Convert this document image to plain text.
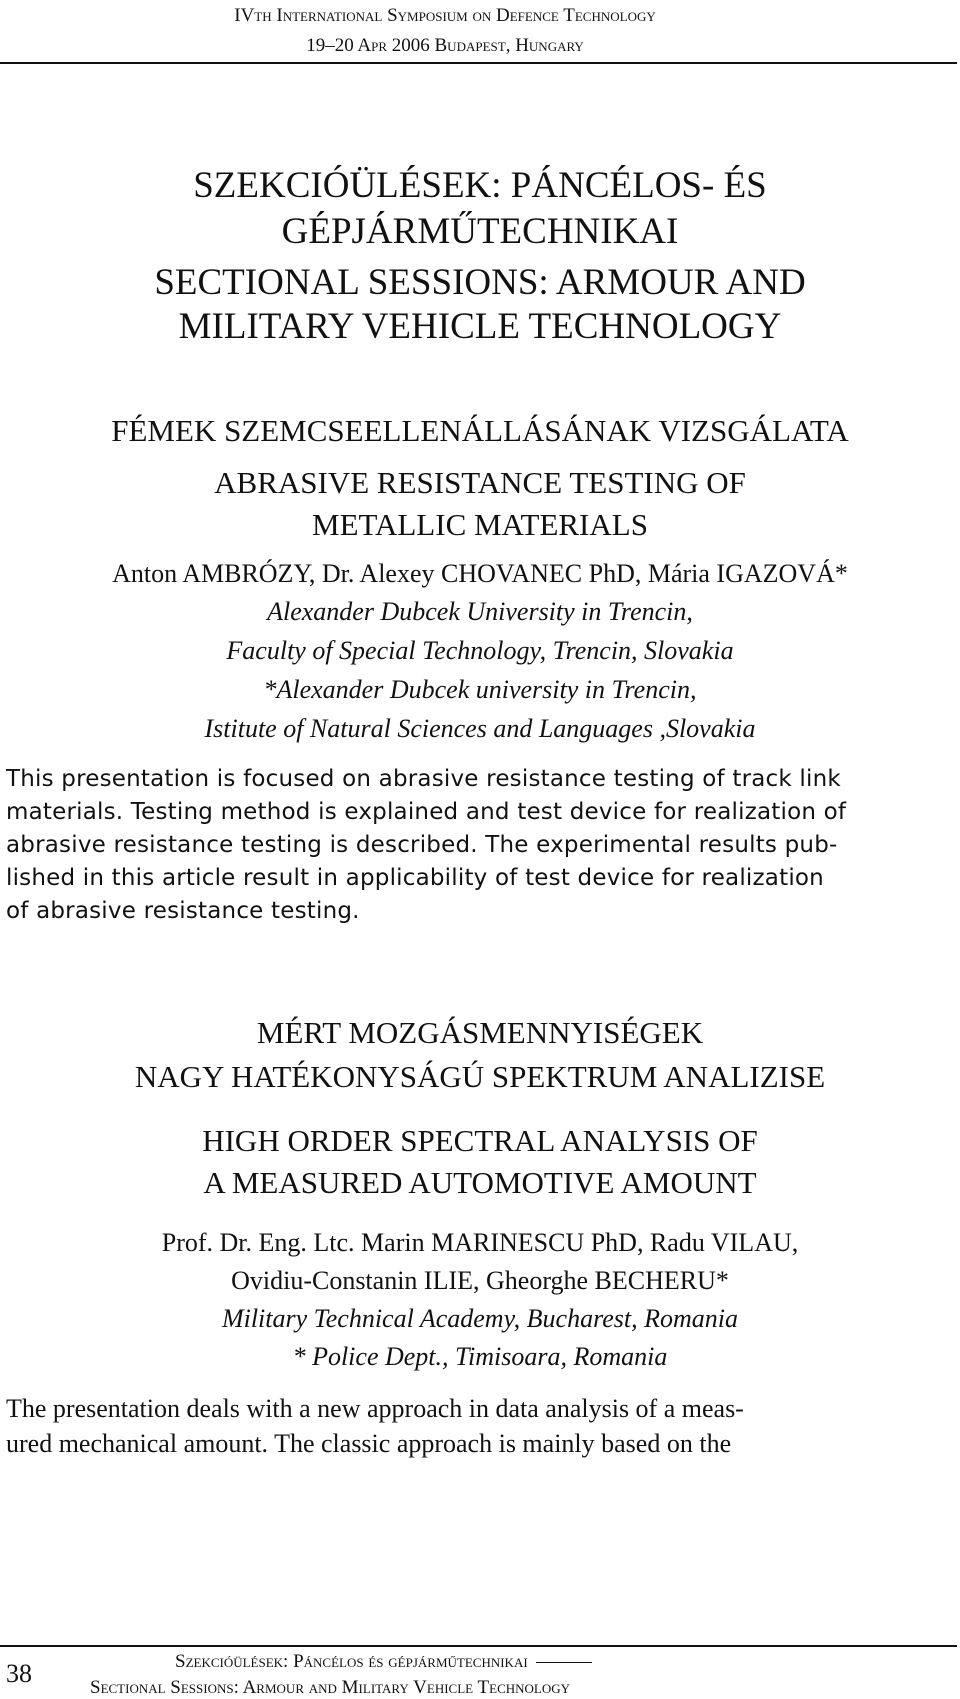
IVth International Symposium on Defence Technology
19–20 Apr 2006 Budapest, Hungary
SZEKCIÓÜLÉSEK: PÁNCÉLOS- ÉS
GÉPJÁRMŰTECHNIKAI
SECTIONAL SESSIONS: ARMOUR AND
MILITARY VEHICLE TECHNOLOGY
FÉMEK SZEMCSEELLENÁLLÁSÁNAK VIZSGÁLATA
ABRASIVE RESISTANCE TESTING OF
METALLIC MATERIALS
Anton AMBRÓZY, Dr. Alexey CHOVANEC PhD, Mária IGAZOVÁ*
Alexander Dubcek University in Trencin,
Faculty of Special Technology, Trencin, Slovakia
*Alexander Dubcek university in Trencin,
Istitute of Natural Sciences and Languages ,Slovakia
This presentation is focused on abrasive resistance testing of track link
materials. Testing method is explained and test device for realization of
abrasive resistance testing is described. The experimental results pub-
lished in this article result in applicability of test device for realization
of abrasive resistance testing.
MÉRT MOZGÁSMENNYISÉGEK
NAGY HATÉKONYSÁGÚ SPEKTRUM ANALIZISE
HIGH ORDER SPECTRAL ANALYSIS OF
A MEASURED AUTOMOTIVE AMOUNT
Prof. Dr. Eng. Ltc. Marin MARINESCU PhD, Radu VILAU,
Ovidiu-Constanin ILIE, Gheorghe BECHERU*
Military Technical Academy, Bucharest, Romania
* Police Dept., Timisoara, Romania
The presentation deals with a new approach in data analysis of a meas-
ured mechanical amount. The classic approach is mainly based on the
38	Szekcióülések: Páncélos és gépjárműtechnikai
Sectional Sessions: Armour and Military Vehicle Technology
